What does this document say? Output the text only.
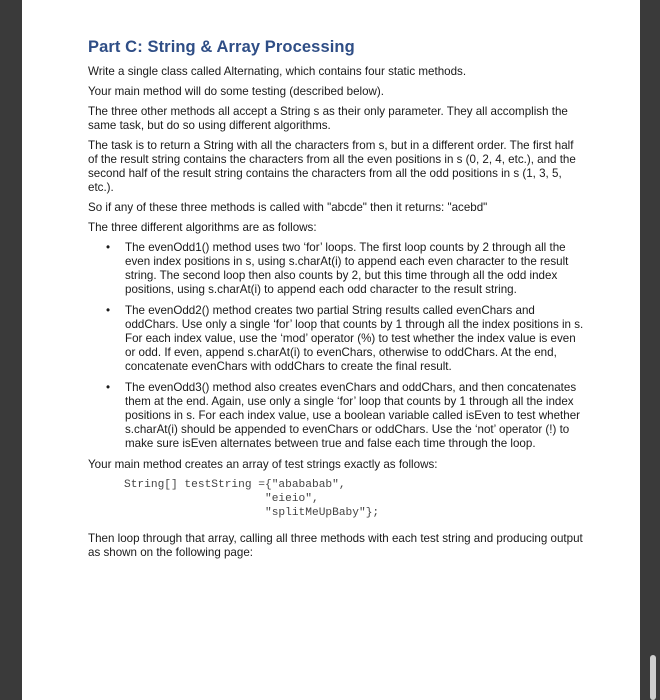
Part C: String & Array Processing

Write a single class called Alternating, which contains four static methods.

Your main method will do some testing (described below).

The three other methods all accept a String s as their only parameter. They all accomplish the same task, but do so using different algorithms.

The task is to return a String with all the characters from s, but in a different order. The first half of the result string contains the characters from all the even positions in s (0, 2, 4, etc.), and the second half of the result string contains the characters from all the odd positions in s (1, 3, 5, etc.).

So if any of these three methods is called with "abcde" then it returns: "acebd"

The three different algorithms are as follows:

• The evenOdd1() method uses two ‘for’ loops. The first loop counts by 2 through all the even index positions in s, using s.charAt(i) to append each even character to the result string. The second loop then also counts by 2, but this time through all the odd index positions, using s.charAt(i) to append each odd character to the result string.
• The evenOdd2() method creates two partial String results called evenChars and oddChars. Use only a single ‘for’ loop that counts by 1 through all the index positions in s. For each index value, use the ‘mod’ operator (%) to test whether the index value is even or odd. If even, append s.charAt(i) to evenChars, otherwise to oddChars. At the end, concatenate evenChars with oddChars to create the final result.
• The evenOdd3() method also creates evenChars and oddChars, and then concatenates them at the end. Again, use only a single ‘for’ loop that counts by 1 through all the index positions in s. For each index value, use a boolean variable called isEven to test whether s.charAt(i) should be appended to evenChars or oddChars. Use the ‘not’ operator (!) to make sure isEven alternates between true and false each time through the loop.

Your main method creates an array of test strings exactly as follows:

String[] testString ={"abababab",
"eieio",
"splitMeUpBaby"};

Then loop through that array, calling all three methods with each test string and producing output as shown on the following page:
